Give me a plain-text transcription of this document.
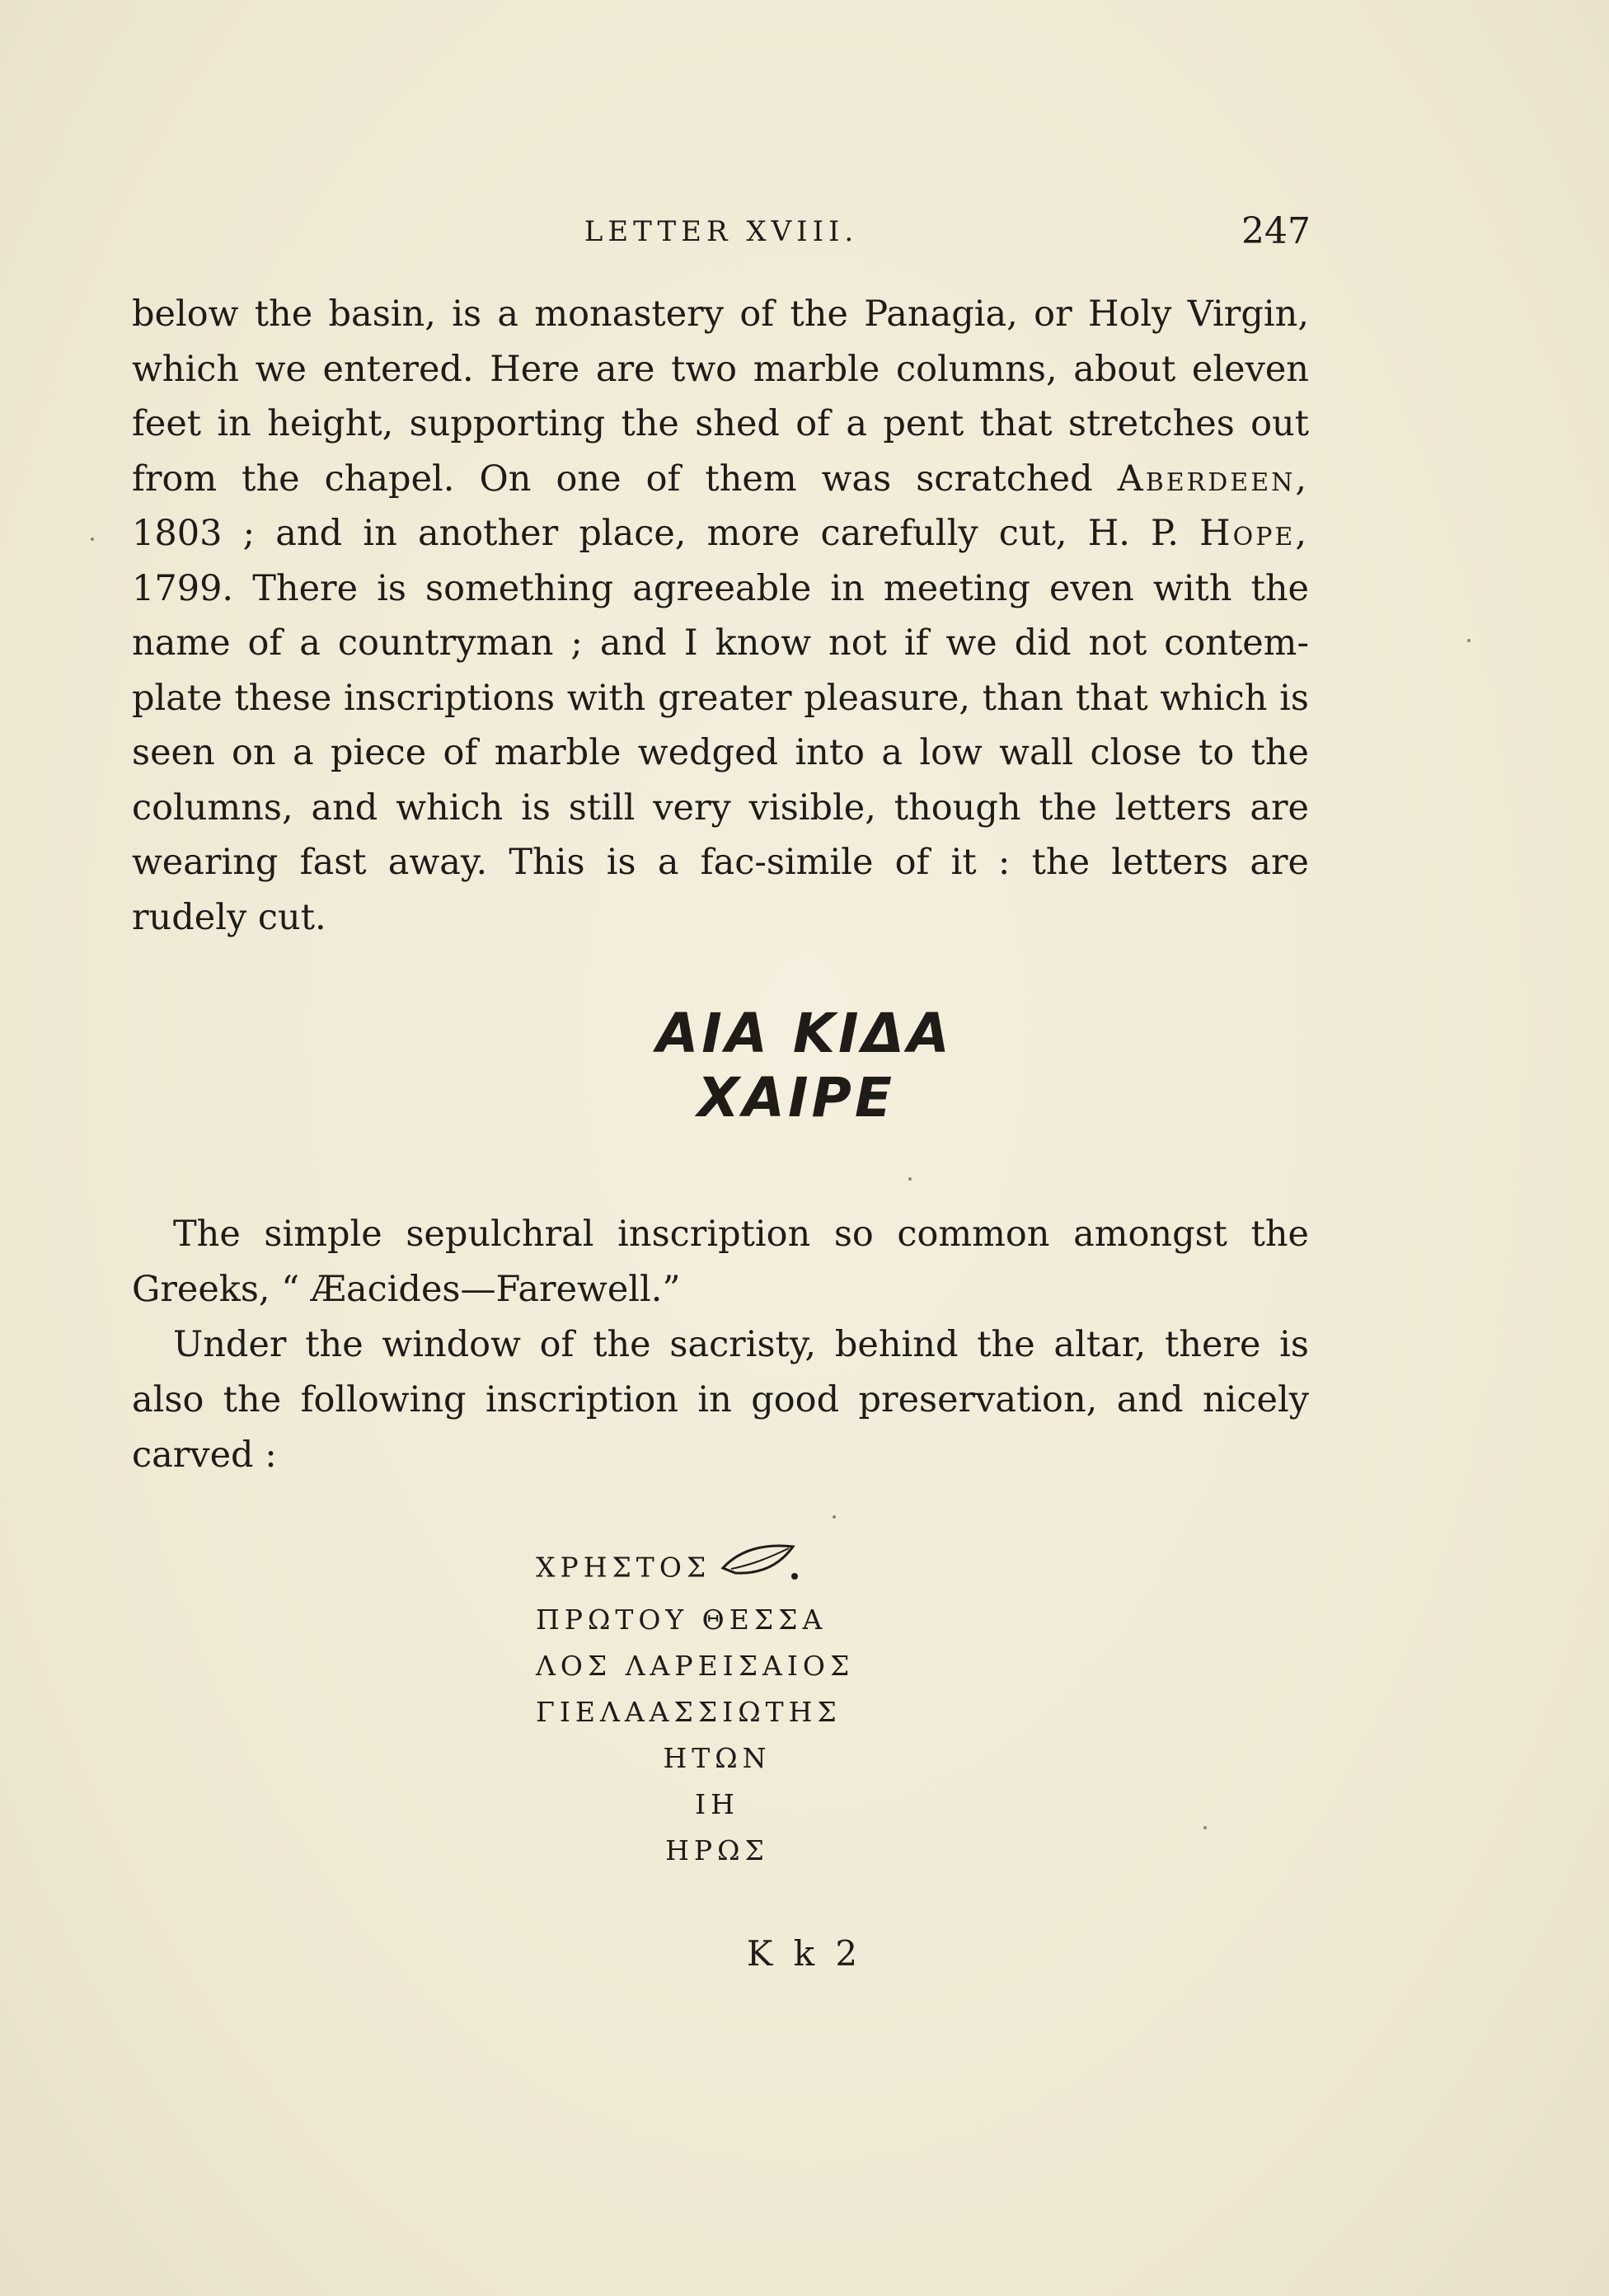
LETTER XVIII.	247
below the basin, is a monastery of the Panagia, or Holy Virgin,
which we entered. Here are two marble columns, about eleven
feet in height, supporting the shed of a pent that stretches out
from the chapel. On one of them was scratched Aberdeen,
1803 ; and in another place, more carefully cut, H. P. Hope,
1799. There is something agreeable in meeting even with the
name of a countryman ; and I know not if we did not contem-
plate these inscriptions with greater pleasure, than that which is
seen on a piece of marble wedged into a low wall close to the
columns, and which is still very visible, though the letters are
wearing fast away. This is a fac-simile of it : the letters are
rudely cut.
AIA KIΔA
XAIPE
The simple sepulchral inscription so common amongst the
Greeks, “ Æacides—Farewell.”
Under the window of the sacristy, behind the altar, there is
also the following inscription in good preservation, and nicely
carved :
ΧΡΗΣΤΟΣ
ΠΡΩΤΟΥ ΘΕΣΣΑ
ΛΟΣ ΛΑΡΕΙΣΑΙΟΣ
ΓΙΕΛΑΑΣΣΙΩΤΗΣ
ΗΤΩΝ
ΙΗ
ΗΡΩΣ
K k 2
